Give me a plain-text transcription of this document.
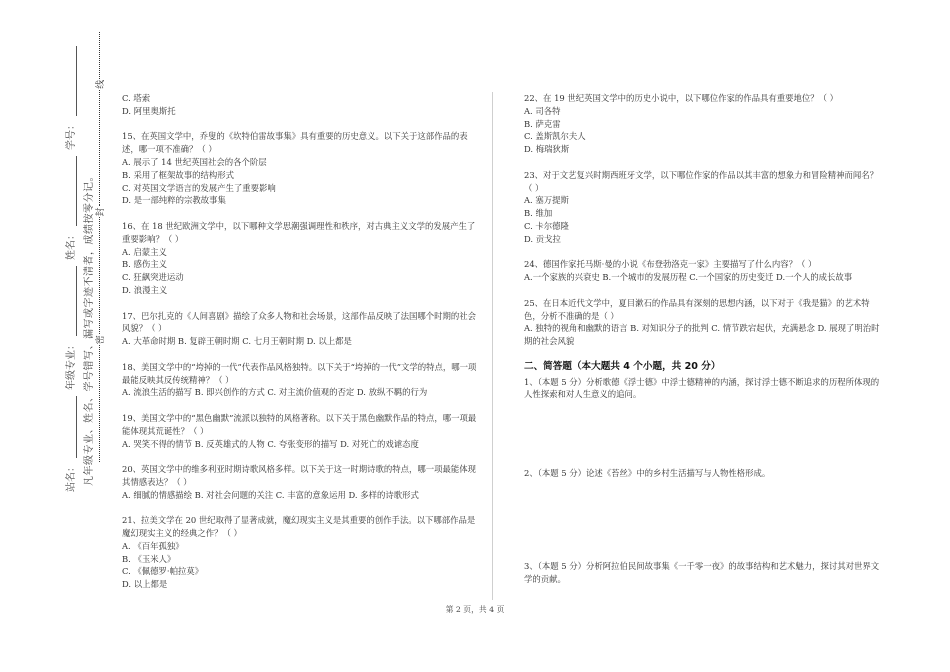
站名：
年级专业：
姓名：
学号：
凡年级专业、姓名、学号错写、漏写或字迹不清者，成绩按零分记。 密
封
线
C. 塔索
D. 阿里奥斯托
15、在英国文学中，乔叟的《坎特伯雷故事集》具有重要的历史意义。以下关于这部作品的表述，哪一项不准确？（ ）
A. 展示了 14 世纪英国社会的各个阶层
B. 采用了框架故事的结构形式
C. 对英国文学语言的发展产生了重要影响
D. 是一部纯粹的宗教故事集
16、在 18 世纪欧洲文学中，以下哪种文学思潮强调理性和秩序，对古典主义文学的发展产生了重要影响？（ ）
A. 启蒙主义
B. 感伤主义
C. 狂飙突进运动
D. 浪漫主义
17、巴尔扎克的《人间喜剧》描绘了众多人物和社会场景，这部作品反映了法国哪个时期的社会风貌？（ ）
A. 大革命时期 B. 复辟王朝时期 C. 七月王朝时期 D. 以上都是
18、美国文学中的“垮掉的一代”代表作品风格独特。以下关于“垮掉的一代”文学的特点，哪一项最能反映其反传统精神？（ ）
A. 流浪生活的描写 B. 即兴创作的方式 C. 对主流价值观的否定 D. 放纵不羁的行为
19、美国文学中的“黑色幽默”流派以独特的风格著称。以下关于黑色幽默作品的特点，哪一项最能体现其荒诞性？（ ）
A. 哭笑不得的情节 B. 反英雄式的人物 C. 夸张变形的描写 D. 对死亡的戏谑态度
20、英国文学中的维多利亚时期诗歌风格多样。以下关于这一时期诗歌的特点，哪一项最能体现其情感表达？（ ）
A. 细腻的情感描绘 B. 对社会问题的关注 C. 丰富的意象运用 D. 多样的诗歌形式
21、拉美文学在 20 世纪取得了显著成就，魔幻现实主义是其重要的创作手法。以下哪部作品是魔幻现实主义的经典之作？（ ）
A. 《百年孤独》
B. 《玉米人》
C. 《佩德罗·帕拉莫》
D. 以上都是
22、在 19 世纪英国文学中的历史小说中，以下哪位作家的作品具有重要地位？（ ）
A. 司各特
B. 萨克雷
C. 盖斯凯尔夫人
D. 梅瑞狄斯
23、对于文艺复兴时期西班牙文学，以下哪位作家的作品以其丰富的想象力和冒险精神而闻名？（ ）
A. 塞万提斯
B. 维加
C. 卡尔德隆
D. 贡戈拉
24、德国作家托马斯·曼的小说《布登勃洛克一家》主要描写了什么内容？（ ）
A.一个家族的兴衰史 B.一个城市的发展历程 C.一个国家的历史变迁 D.一个人的成长故事
25、在日本近代文学中，夏目漱石的作品具有深刻的思想内涵，以下对于《我是猫》的艺术特色，分析不准确的是（ ）
A. 独特的视角和幽默的语言 B. 对知识分子的批判 C. 情节跌宕起伏，充满悬念 D. 展现了明治时期的社会风貌
二、简答题（本大题共 4 个小题，共 20 分）
1、（本题 5 分）分析歌德《浮士德》中浮士德精神的内涵，探讨浮士德不断追求的历程所体现的人性探索和对人生意义的追问。
2、（本题 5 分）论述《苔丝》中的乡村生活描写与人物性格形成。
3、（本题 5 分）分析阿拉伯民间故事集《一千零一夜》的故事结构和艺术魅力，探讨其对世界文学的贡献。
第 2 页，共 4 页
